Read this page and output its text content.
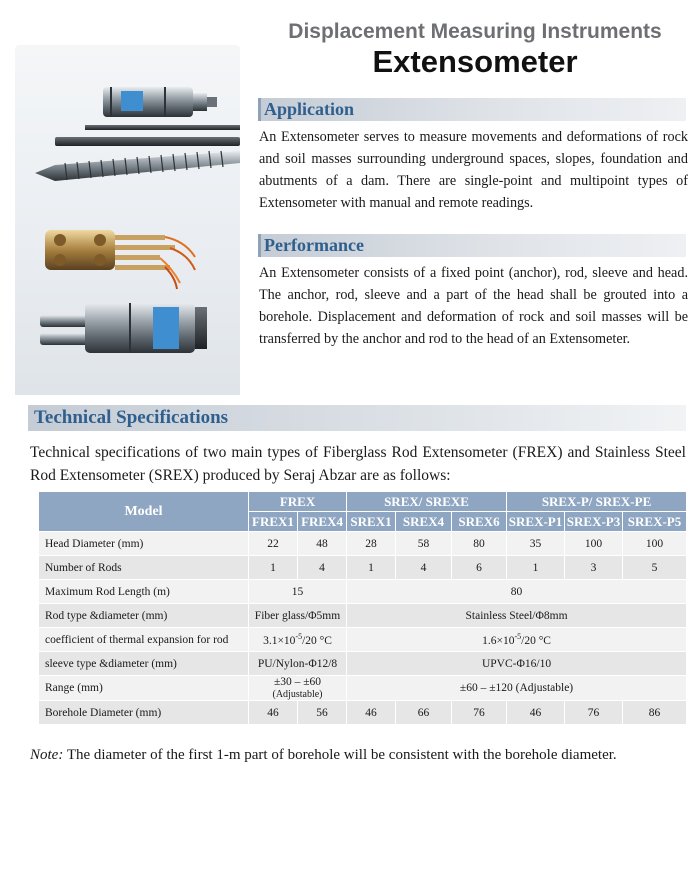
Displacement Measuring Instruments
Extensometer
Application
An Extensometer serves to measure movements and deformations of rock and soil masses surrounding underground spaces, slopes, foundation and abutments of a dam. There are single-point and multipoint types of Extensometer with manual and remote readings.
Performance
An Extensometer consists of a fixed point (anchor), rod, sleeve and head. The anchor, rod, sleeve and a part of the head shall be grouted into a borehole. Displacement and deformation of rock and soil masses will be transferred by the anchor and rod to the head of an Extensometer.
Technical Specifications
Technical specifications of two main types of Fiberglass Rod Extensometer (FREX) and Stainless Steel Rod Extensometer (SREX) produced by Seraj Abzar are as follows:
Model	FREX		SREX/ SREXE			SREX-P/ SREX-PE		
	FREX1	FREX4	SREX1	SREX4	SREX6	SREX-P1	SREX-P3	SREX-P5
Head Diameter (mm)	22	48	28	58	80	35	100	100
Number of Rods	1	4	1	4	6	1	3	5
Maximum Rod Length (m)	15		80					
Rod type &diameter (mm)	Fiber glass/Φ5mm		Stainless Steel/Φ8mm					
coefficient of thermal expansion for rod	$3.1\times 10^{-5}/20$ °C		$1.6\times 10^{-5}/20$ °C					
sleeve type &diameter (mm)	PU/Nylon-Φ12/8		UPVC-Φ16/10					
Range (mm)	±30 – ±60 (Adjustable)		±60 – ±120 (Adjustable)					
Borehole Diameter (mm)	46	56	46	66	76	46	76	86
Note: The diameter of the first 1-m part of borehole will be consistent with the borehole diameter.
